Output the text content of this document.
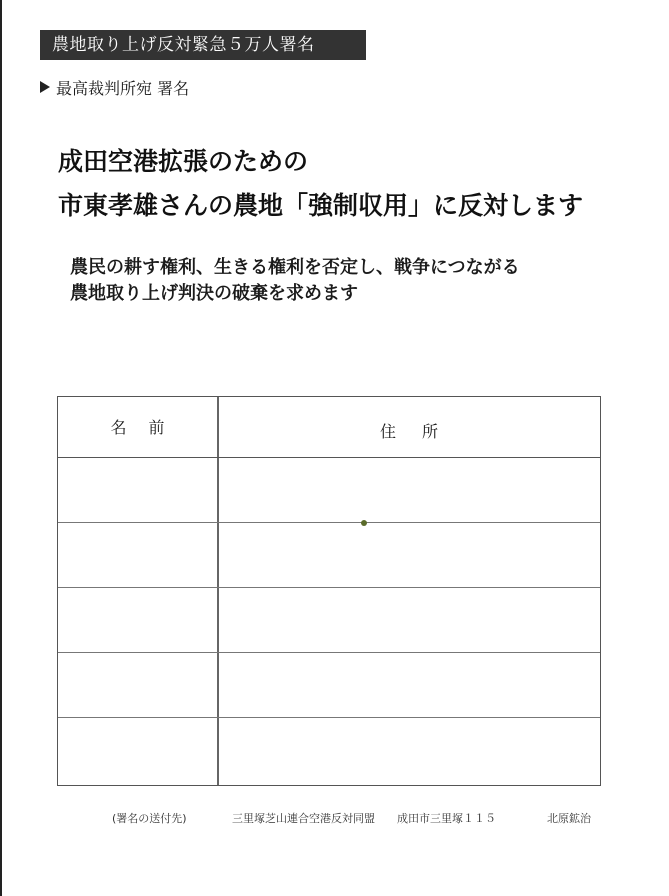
農地取り上げ反対緊急５万人署名
最高裁判所宛 署名
成田空港拡張のための
市東孝雄さんの農地「強制収用」に反対します
農民の耕す権利、生きる権利を否定し、戦争につながる
農地取り上げ判決の破棄を求めます
名前	住所
(署名の送付先)	三里塚芝山連合空港反対同盟 成田市三里塚１１５	北原鉱治
